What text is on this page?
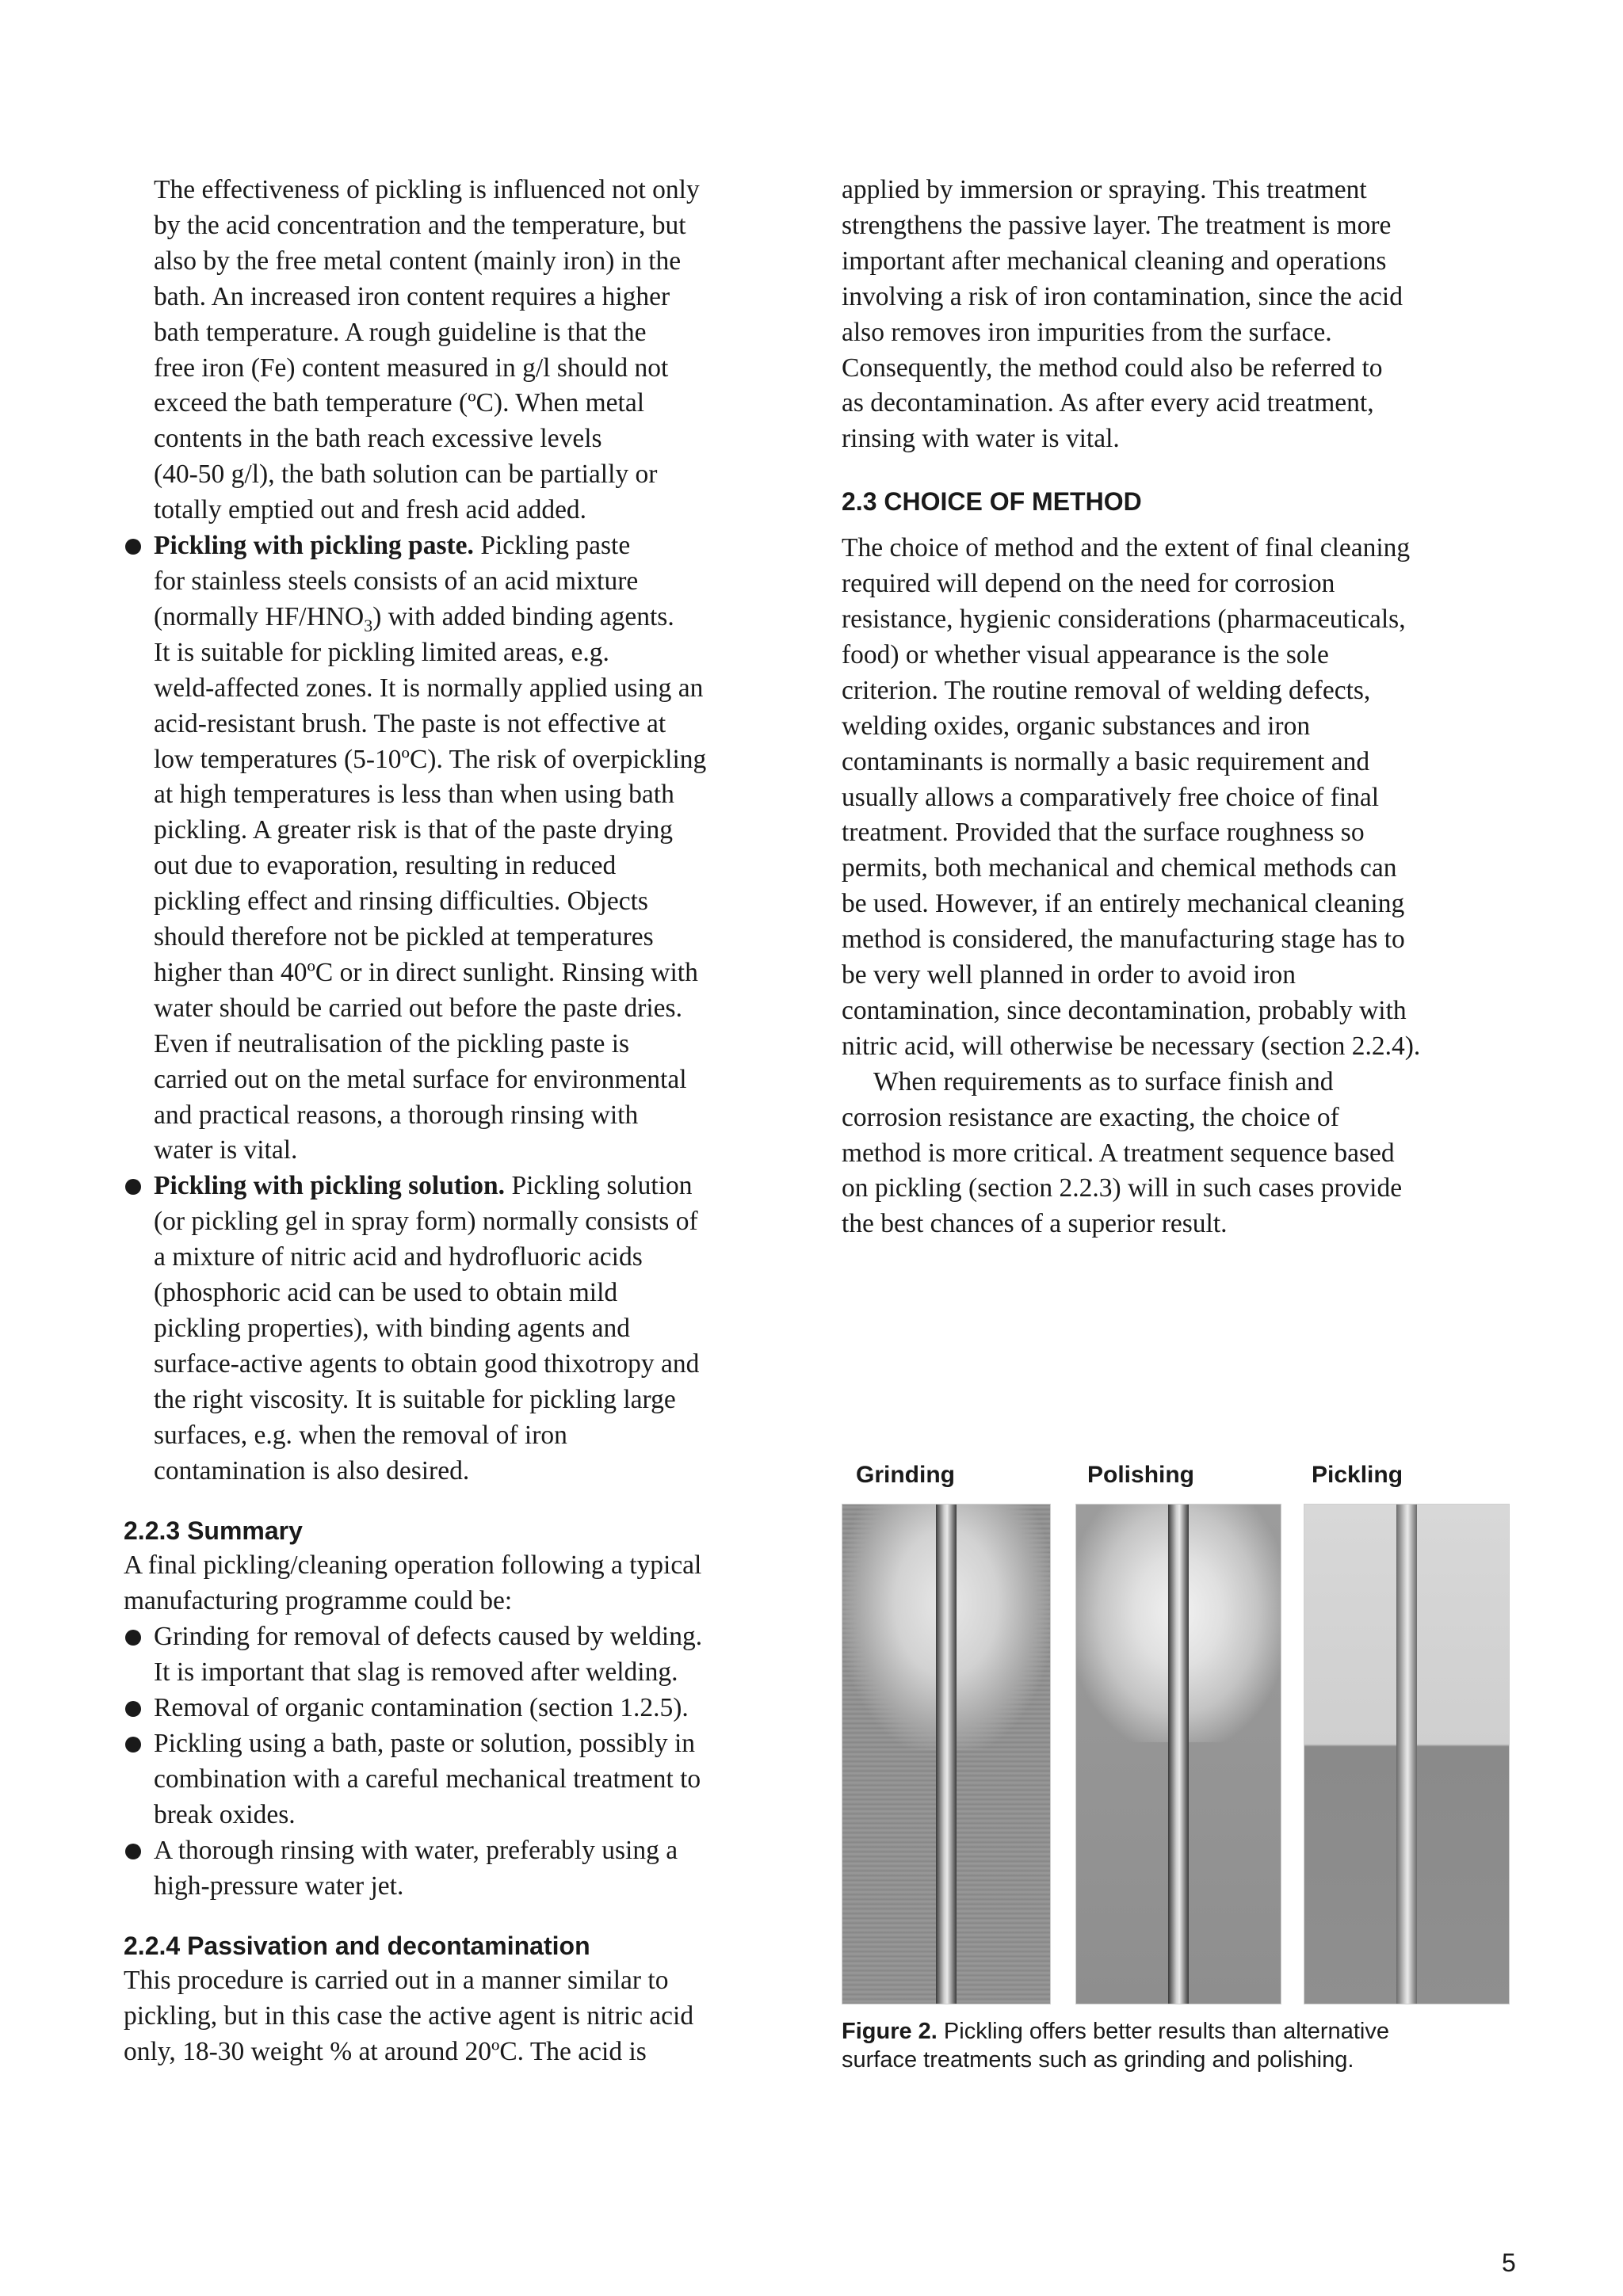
The effectiveness of pickling is influenced not only

by the acid concentration and the temperature, but

also by the free metal content (mainly iron) in the

bath. An increased iron content requires a higher

bath temperature. A rough guideline is that the

free iron (Fe) content measured in g/l should not

exceed the bath temperature (ºC). When metal

contents in the bath reach excessive levels

(40-50 g/l), the bath solution can be partially or

totally emptied out and fresh acid added.

Pickling with pickling paste. Pickling paste

for stainless steels consists of an acid mixture

(normally $HF/HNO_3$) with added binding agents.

It is suitable for pickling limited areas, e.g.

weld-affected zones. It is normally applied using an

acid-resistant brush. The paste is not effective at

low temperatures (5-10ºC). The risk of overpickling

at high temperatures is less than when using bath

pickling. A greater risk is that of the paste drying

out due to evaporation, resulting in reduced

pickling effect and rinsing difficulties. Objects

should therefore not be pickled at temperatures

higher than 40ºC or in direct sunlight. Rinsing with

water should be carried out before the paste dries.

Even if neutralisation of the pickling paste is

carried out on the metal surface for environmental

and practical reasons, a thorough rinsing with

water is vital.

Pickling with pickling solution. Pickling solution

(or pickling gel in spray form) normally consists of

a mixture of nitric acid and hydrofluoric acids

(phosphoric acid can be used to obtain mild

pickling properties), with binding agents and

surface-active agents to obtain good thixotropy and

the right viscosity. It is suitable for pickling large

surfaces, e.g. when the removal of iron

contamination is also desired.

2.2.3 Summary

A final pickling/cleaning operation following a typical

manufacturing programme could be:

Grinding for removal of defects caused by welding.

It is important that slag is removed after welding.

Removal of organic contamination (section 1.2.5).

Pickling using a bath, paste or solution, possibly in

combination with a careful mechanical treatment to

break oxides.

A thorough rinsing with water, preferably using a

high-pressure water jet.

2.2.4 Passivation and decontamination

This procedure is carried out in a manner similar to

pickling, but in this case the active agent is nitric acid

only, 18-30 weight % at around 20ºC. The acid is

applied by immersion or spraying. This treatment

strengthens the passive layer. The treatment is more

important after mechanical cleaning and operations

involving a risk of iron contamination, since the acid

also removes iron impurities from the surface.

Consequently, the method could also be referred to

as decontamination. As after every acid treatment,

rinsing with water is vital.

2.3 CHOICE OF METHOD

The choice of method and the extent of final cleaning

required will depend on the need for corrosion

resistance, hygienic considerations (pharmaceuticals,

food) or whether visual appearance is the sole

criterion. The routine removal of welding defects,

welding oxides, organic substances and iron

contaminants is normally a basic requirement and

usually allows a comparatively free choice of final

treatment. Provided that the surface roughness so

permits, both mechanical and chemical methods can

be used. However, if an entirely mechanical cleaning

method is considered, the manufacturing stage has to

be very well planned in order to avoid iron

contamination, since decontamination, probably with

nitric acid, will otherwise be necessary (section 2.2.4).

When requirements as to surface finish and

corrosion resistance are exacting, the choice of

method is more critical. A treatment sequence based

on pickling (section 2.2.3) will in such cases provide

the best chances of a superior result.

Grinding	Polishing	Pickling
Figure 2. Pickling offers better results than alternative
surface treatments such as grinding and polishing.
5
